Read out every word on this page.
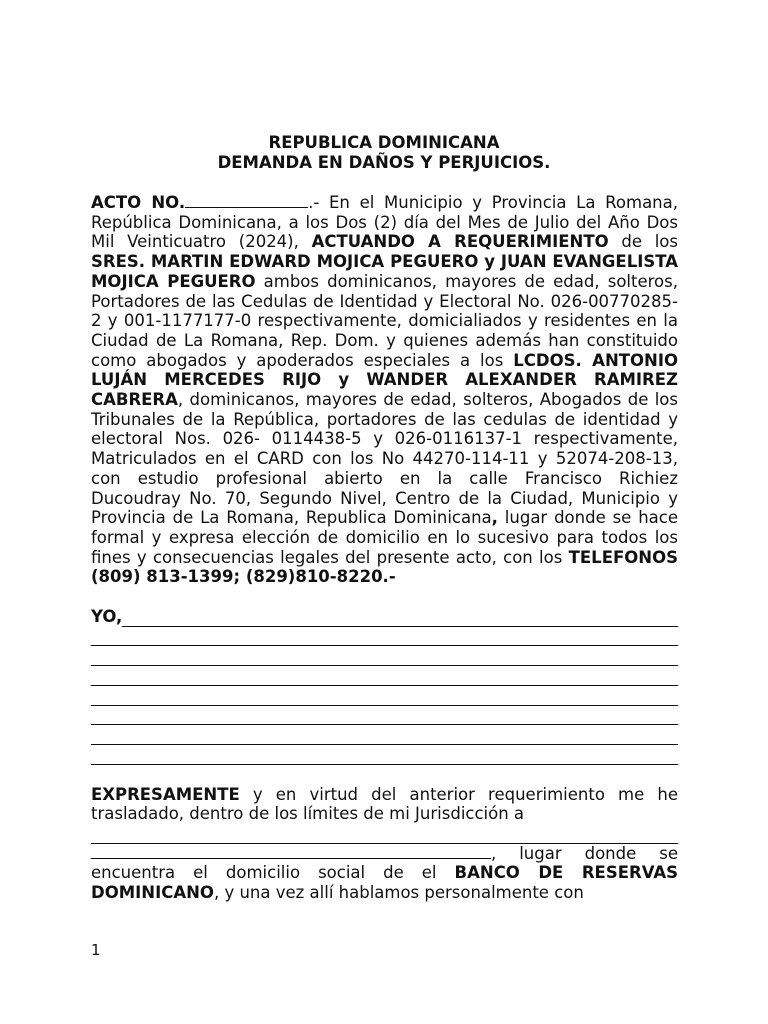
REPUBLICA DOMINICANA
DEMANDA EN DAÑOS Y PERJUICIOS.

ACTO NO.	.- En el Municipio y Provincia La Romana, República Dominicana, a los Dos (2) día del Mes de Julio del Año Dos Mil Veinticuatro (2024), ACTUANDO A REQUERIMIENTO de los SRES. MARTIN EDWARD MOJICA PEGUERO y JUAN EVANGELISTA MOJICA PEGUERO ambos dominicanos, mayores de edad, solteros, Portadores de las Cedulas de Identidad y Electoral No. 026-00770285-2 y 001-1177177-0 respectivamente, domicialiados y residentes en la Ciudad de La Romana, Rep. Dom. y quienes además han constituido como abogados y apoderados especiales a los LCDOS. ANTONIO LUJÁN MERCEDES RIJO y WANDER ALEXANDER RAMIREZ CABRERA, dominicanos, mayores de edad, solteros, Abogados de los Tribunales de la República, portadores de las cedulas de identidad y electoral Nos. 026- 0114438-5 y 026-0116137-1 respectivamente, Matriculados en el CARD con los No 44270-114-11 y 52074-208-13, con estudio profesional abierto en la calle Francisco Richiez Ducoudray No. 70, Segundo Nivel, Centro de la Ciudad, Municipio y Provincia de La Romana, Republica Dominicana, lugar donde se hace formal y expresa elección de domicilio en lo sucesivo para todos los fines y consecuencias legales del presente acto, con los TELEFONOS (809) 813-1399; (829)810-8220.-

YO,

EXPRESAMENTE y en virtud del anterior requerimiento me he trasladado, dentro de los límites de mi Jurisdicción a

, lugar donde se encuentra el domicilio social de el BANCO DE RESERVAS DOMINICANO, y una vez allí hablamos personalmente con

1
